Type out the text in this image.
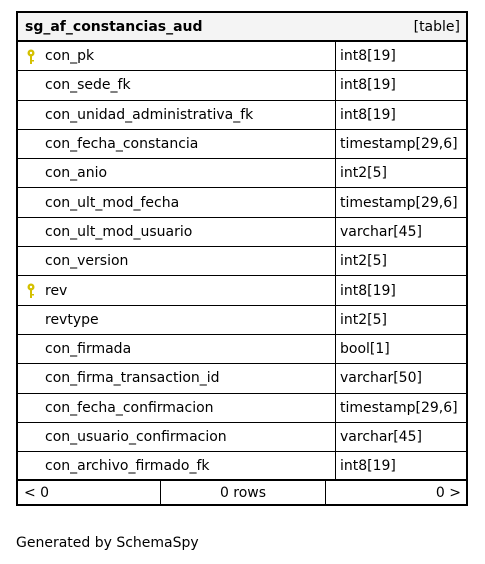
sg_af_constancias_aud	[table]
con_pk	int8[19]
con_sede_fk	int8[19]
con_unidad_administrativa_fk	int8[19]
con_fecha_constancia	timestamp[29,6]
con_anio	int2[5]
con_ult_mod_fecha	timestamp[29,6]
con_ult_mod_usuario	varchar[45]
con_version	int2[5]
rev	int8[19]
revtype	int2[5]
con_firmada	bool[1]
con_firma_transaction_id	varchar[50]
con_fecha_confirmacion	timestamp[29,6]
con_usuario_confirmacion	varchar[45]
con_archivo_firmado_fk	int8[19]
< 0	0 rows	0 >
Generated by SchemaSpy
